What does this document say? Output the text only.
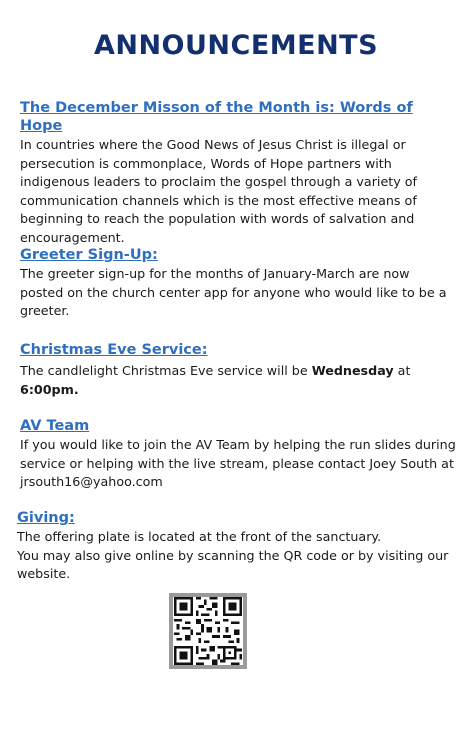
ANNOUNCEMENTS
The December Misson of the Month is: Words of Hope

In countries where the Good News of Jesus Christ is illegal or persecution is commonplace, Words of Hope partners with indigenous leaders to proclaim the gospel through a variety of communication channels which is the most effective means of beginning to reach the population with words of salvation and encouragement.

Greeter Sign-Up:

The greeter sign-up for the months of January-March are now posted on the church center app for anyone who would like to be a greeter.

Christmas Eve Service:

The candlelight Christmas Eve service will be Wednesday at 6:00pm.

AV Team

If you would like to join the AV Team by helping the run slides during service or helping with the live stream, please contact Joey South at jrsouth16@yahoo.com

Giving:

The offering plate is located at the front of the sanctuary.

You may also give online by scanning the QR code or by visiting our website.
